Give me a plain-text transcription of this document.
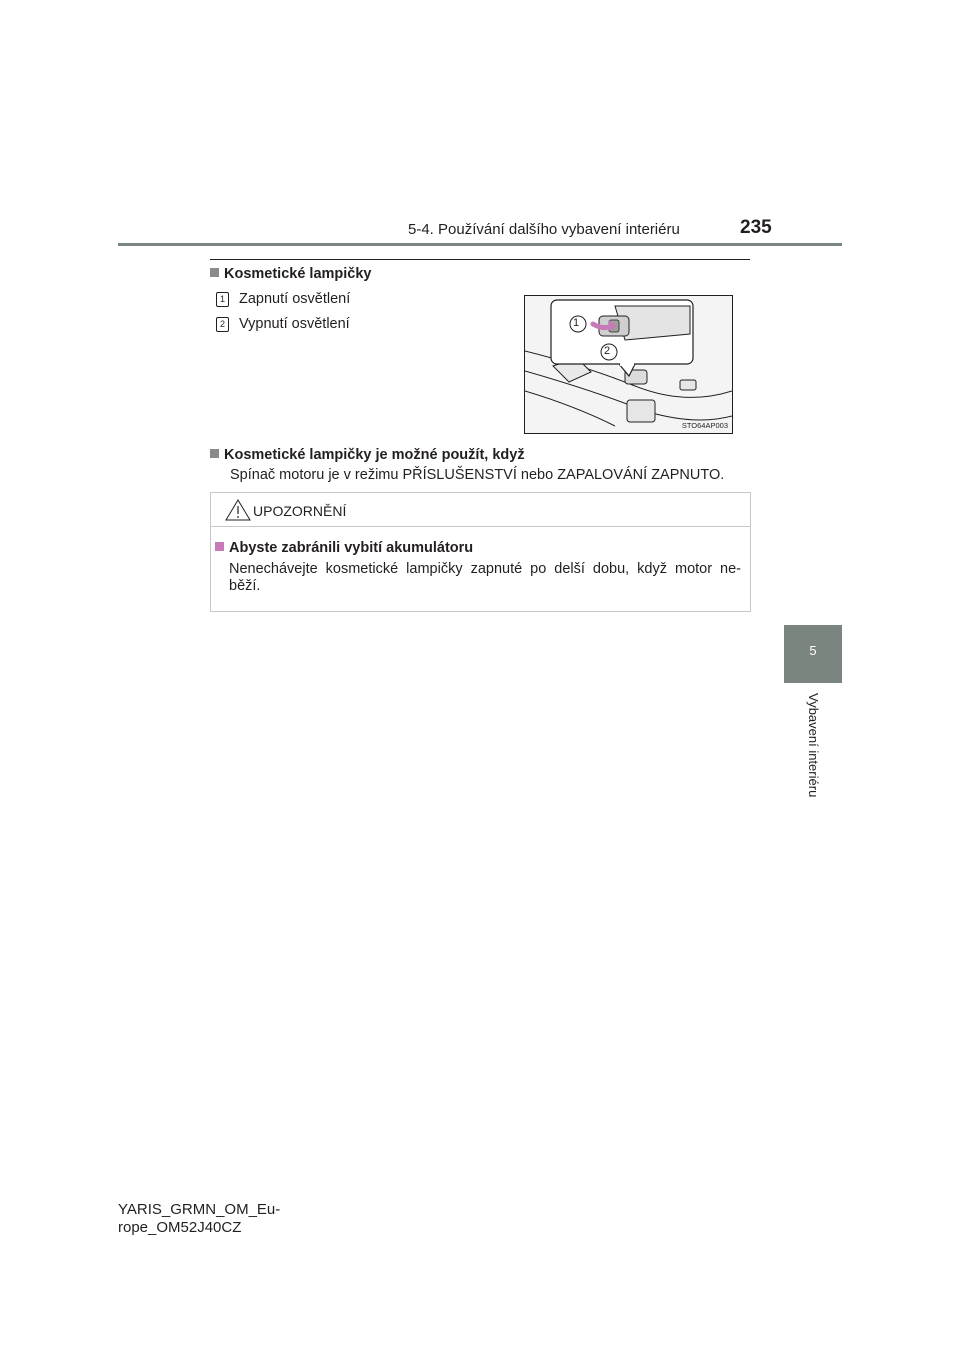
5-4. Používání dalšího vybavení interiéru	235
Kosmetické lampičky
1 Zapnutí osvětlení
2 Vypnutí osvětlení	1
2
STO64AP003
Kosmetické lampičky je možné použít, když
Spínač motoru je v režimu PŘÍSLUŠENSTVÍ nebo ZAPALOVÁNÍ ZAPNUTO.
UPOZORNĚNÍ
Abyste zabránili vybití akumulátoru
Nenechávejte kosmetické lampičky zapnuté po delší dobu, když motor ne-
běží.
5
Vybavení interiéru
YARIS_GRMN_OM_Eu-
rope_OM52J40CZ
